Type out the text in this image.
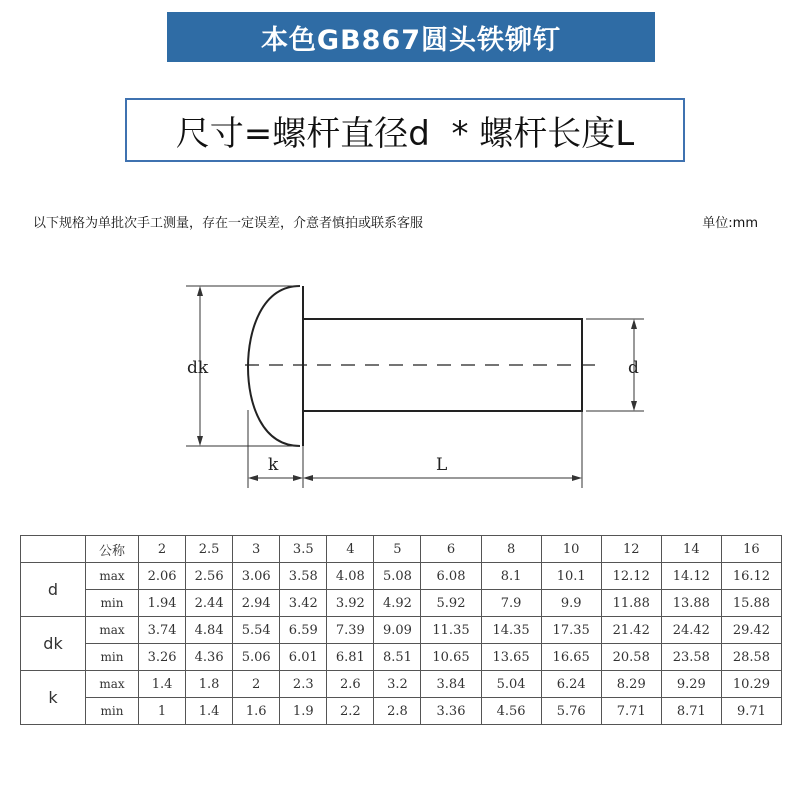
本色GB867圆头铁铆钉
尺寸=螺杆直径d  * 螺杆长度L
以下规格为单批次手工测量，存在一定误差，介意者慎拍或联系客服	单位:mm
dk	d
k	L
	公称	2	2.5	3	3.5	4	5	6	8	10	12	14	16
d	max	2.06	2.56	3.06	3.58	4.08	5.08	6.08	8.1	10.1	12.12	14.12	16.12
	min	1.94	2.44	2.94	3.42	3.92	4.92	5.92	7.9	9.9	11.88	13.88	15.88
dk	max	3.74	4.84	5.54	6.59	7.39	9.09	11.35	14.35	17.35	21.42	24.42	29.42
	min	3.26	4.36	5.06	6.01	6.81	8.51	10.65	13.65	16.65	20.58	23.58	28.58
k	max	1.4	1.8	2	2.3	2.6	3.2	3.84	5.04	6.24	8.29	9.29	10.29
	min	1	1.4	1.6	1.9	2.2	2.8	3.36	4.56	5.76	7.71	8.71	9.71
